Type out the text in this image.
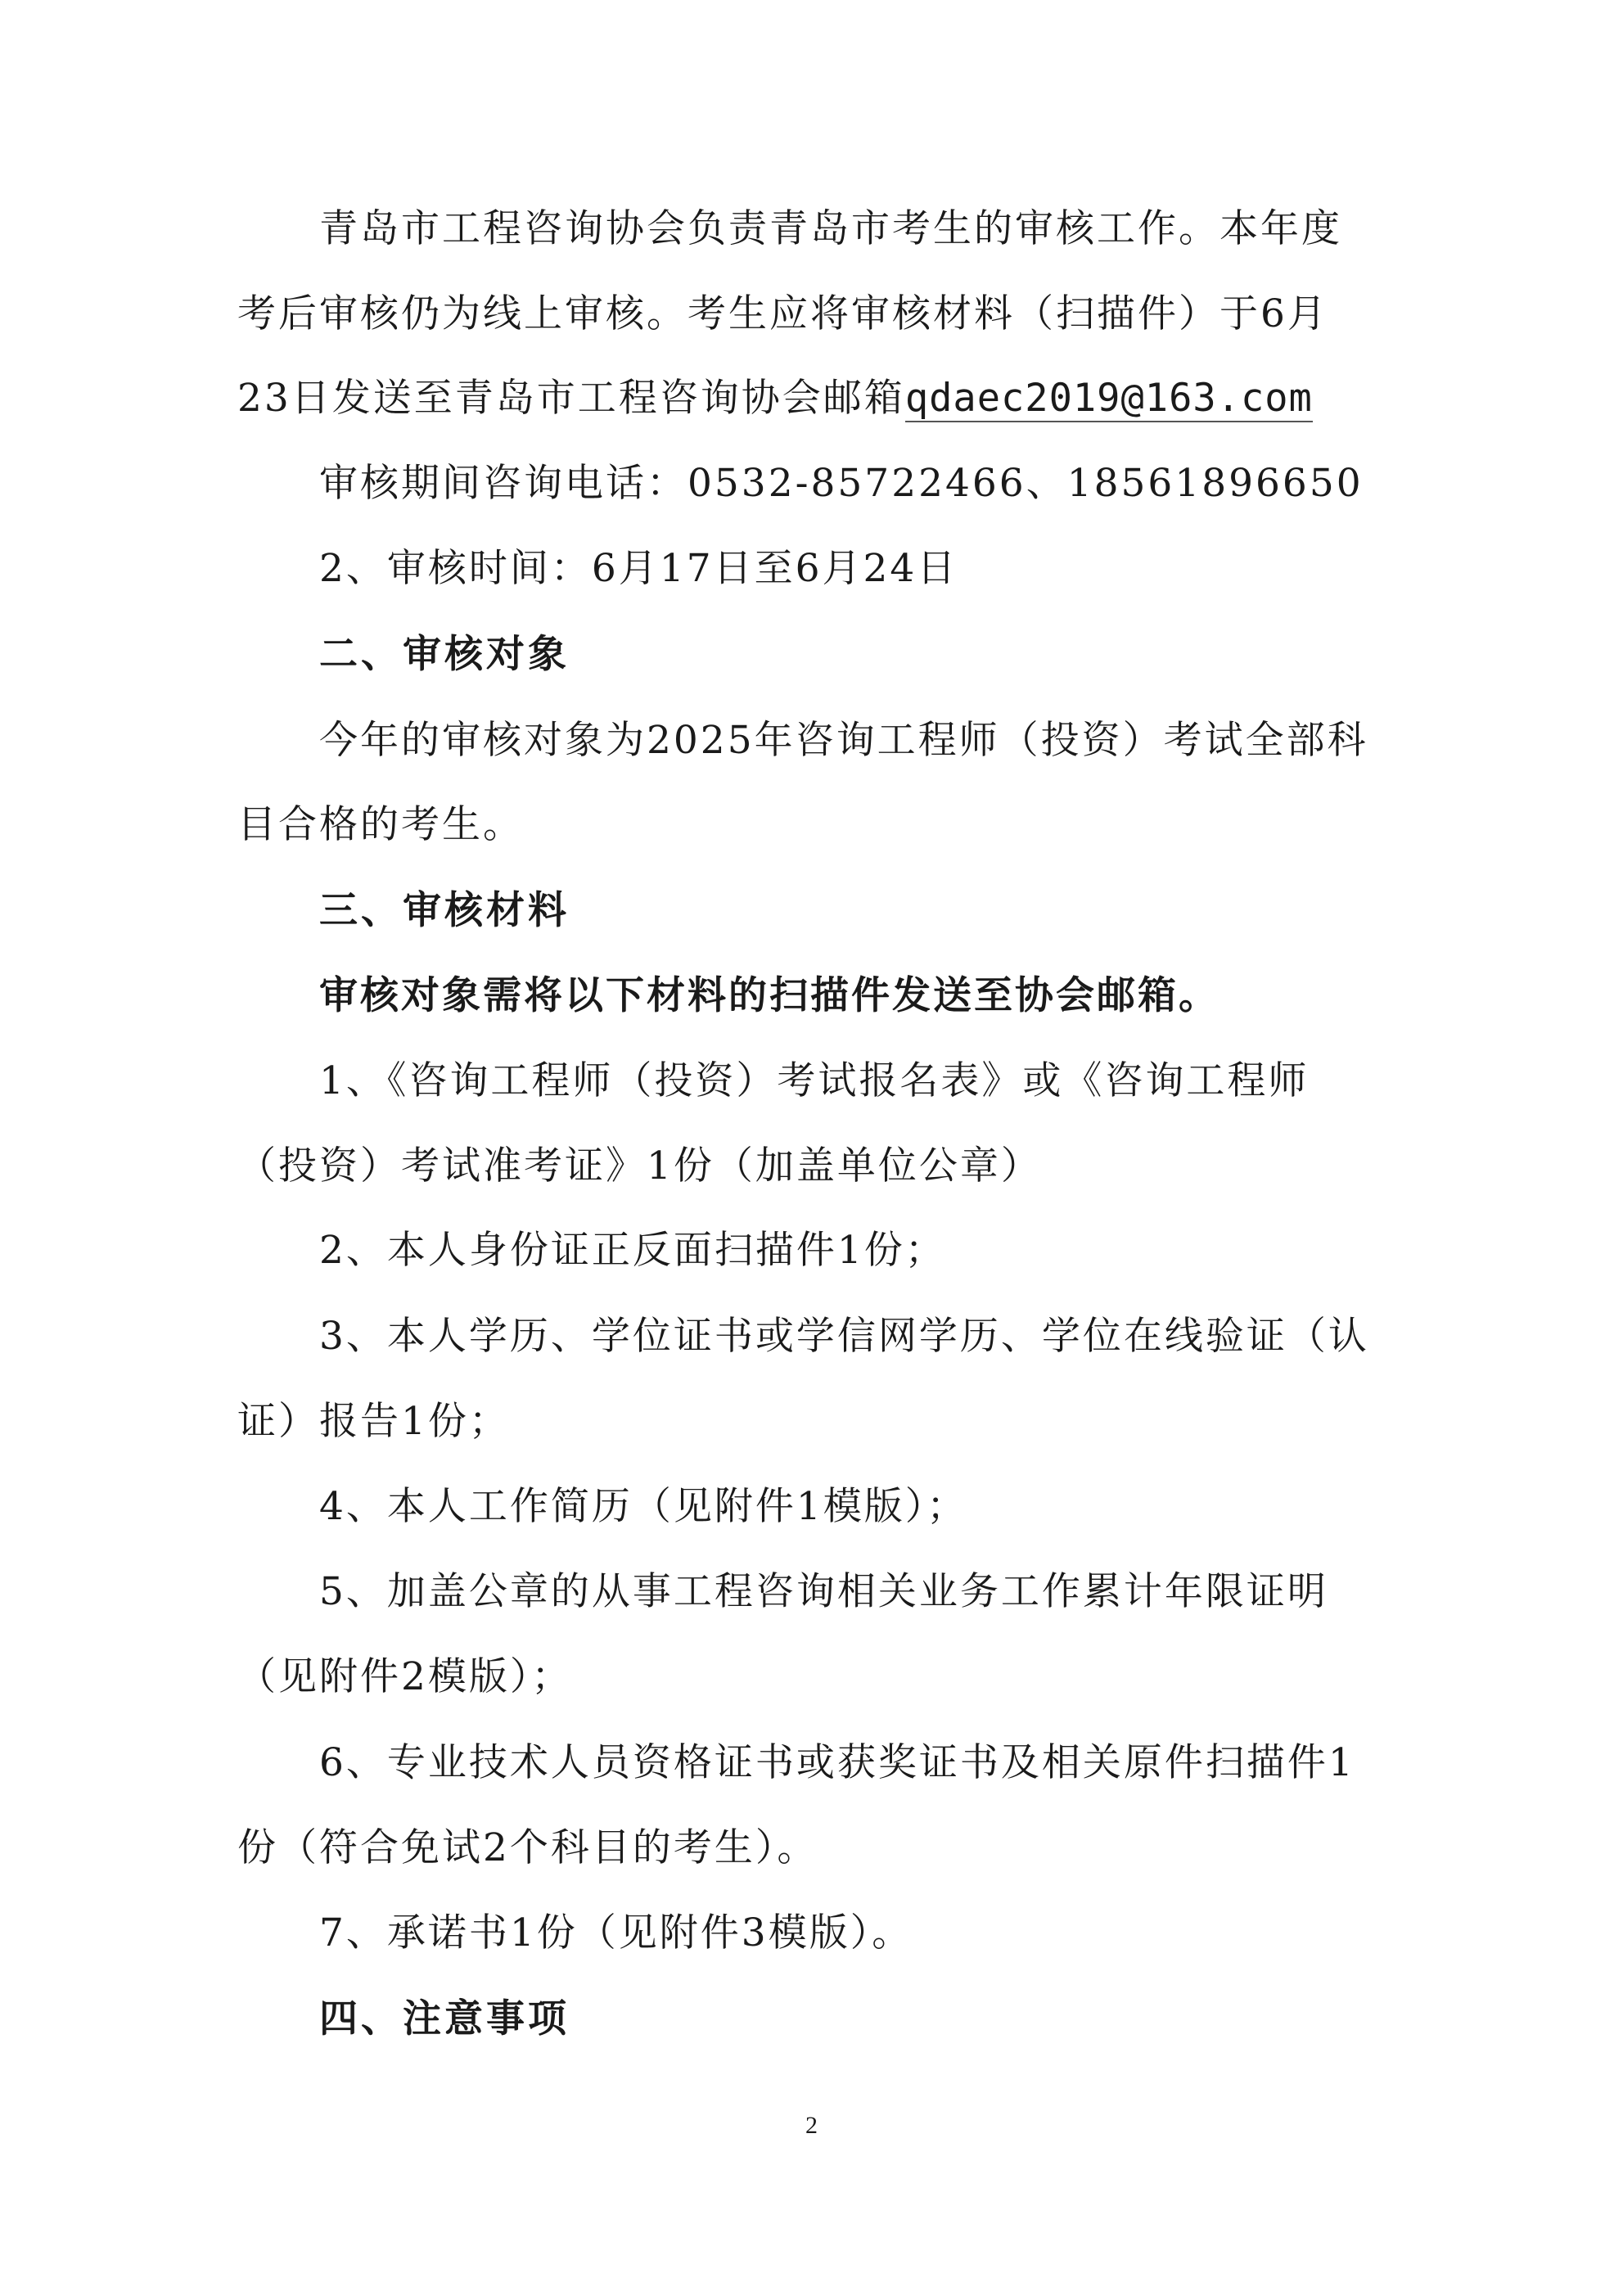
青岛市工程咨询协会负责青岛市考生的审核工作。本年度
考后审核仍为线上审核。考生应将审核材料（扫描件）于6月
23日发送至青岛市工程咨询协会邮箱qdaec2019@163.com
审核期间咨询电话：0532-85722466、18561896650
2、审核时间：6月17日至6月24日
二、审核对象
今年的审核对象为2025年咨询工程师（投资）考试全部科
目合格的考生。
三、审核材料
审核对象需将以下材料的扫描件发送至协会邮箱。
1、《咨询工程师（投资）考试报名表》或《咨询工程师
（投资）考试准考证》1份（加盖单位公章）
2、本人身份证正反面扫描件1份；
3、本人学历、学位证书或学信网学历、学位在线验证（认
证）报告1份；
4、本人工作简历（见附件1模版）；
5、加盖公章的从事工程咨询相关业务工作累计年限证明
（见附件2模版）；
6、专业技术人员资格证书或获奖证书及相关原件扫描件1
份（符合免试2个科目的考生）。
7、承诺书1份（见附件3模版）。
四、注意事项
2
